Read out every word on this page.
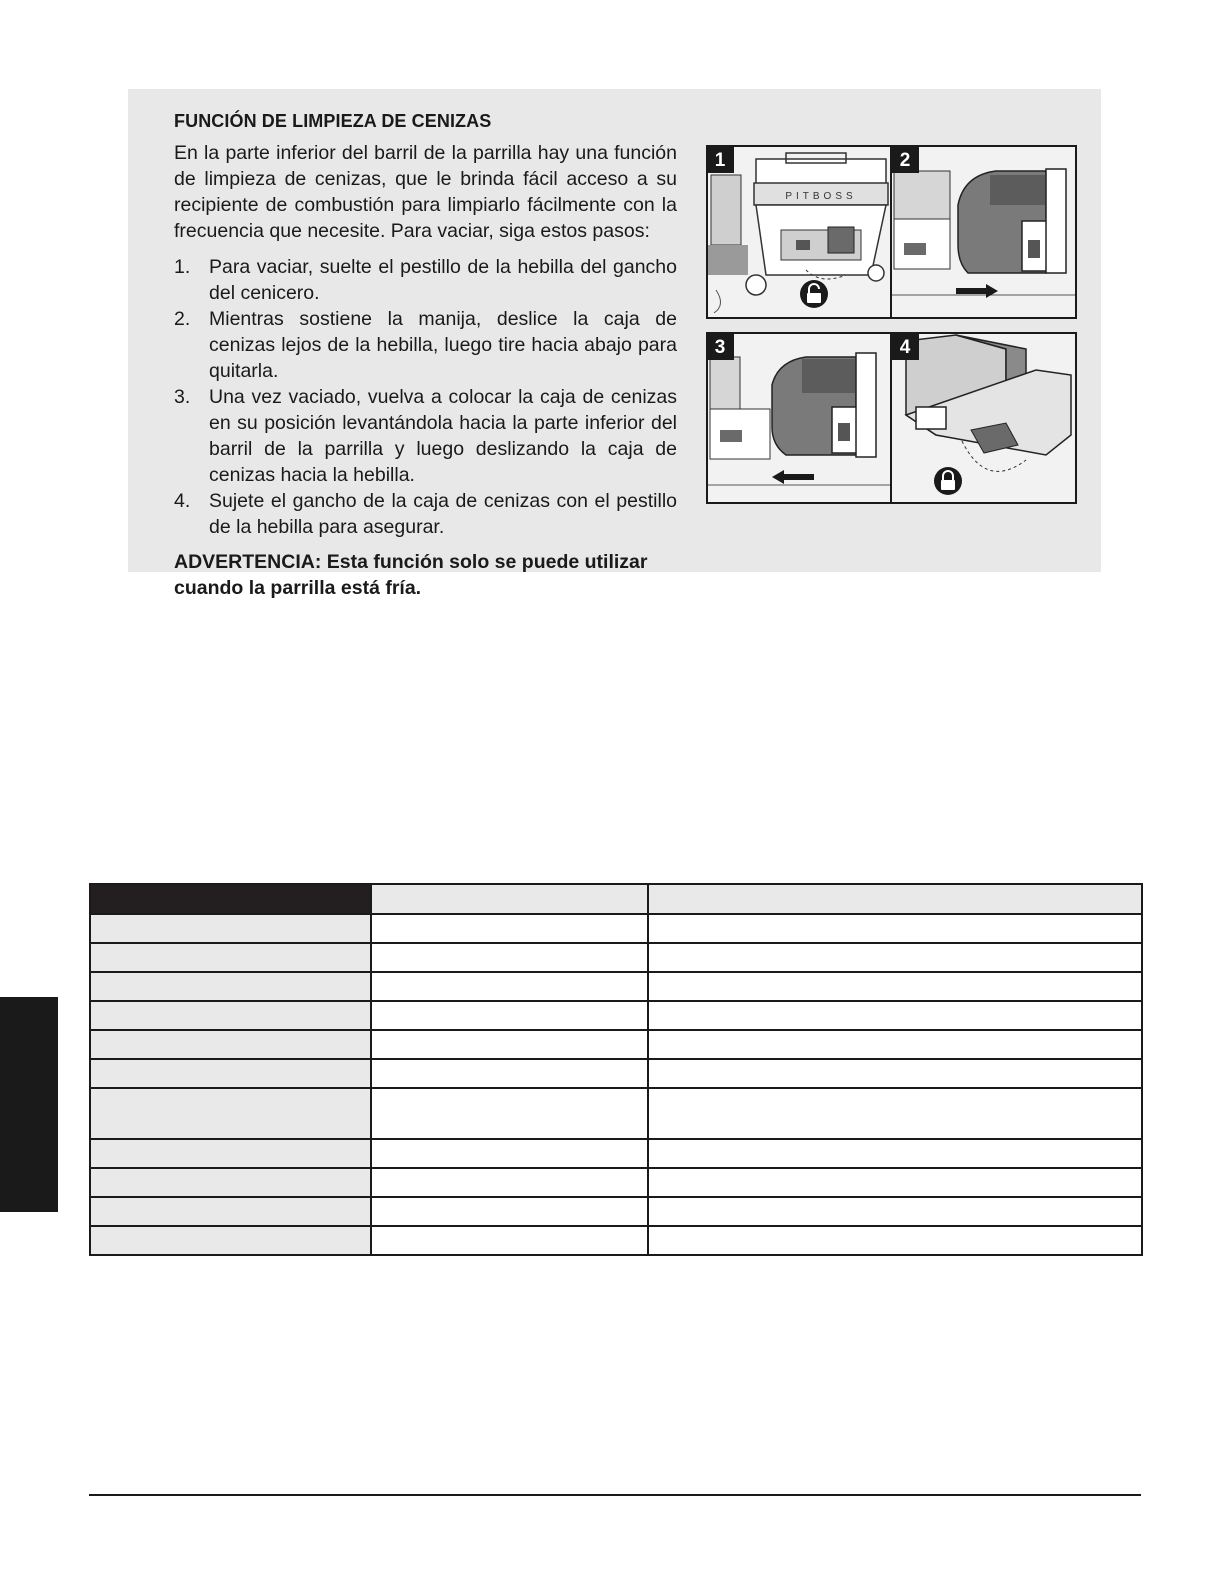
FUNCIÓN DE LIMPIEZA DE CENIZAS

En la parte inferior del barril de la parrilla hay una función de limpieza de cenizas, que le brinda fácil acceso a su recipiente de combustión para limpiarlo fácilmente con la frecuencia que necesite. Para vaciar, siga estos pasos:

1. Para vaciar, suelte el pestillo de la hebilla del gancho del cenicero.
2. Mientras sostiene la manija, deslice la caja de cenizas lejos de la hebilla, luego tire hacia abajo para quitarla.
3. Una vez vaciado, vuelva a colocar la caja de cenizas en su posición levantándola hacia la parte inferior del barril de la parrilla y luego deslizando la caja de cenizas hacia la hebilla.
4. Sujete el gancho de la caja de cenizas con el pestillo de la hebilla para asegurar.
ADVERTENCIA: Esta función solo se puede utilizar cuando la parrilla está fría.
PITBOSS
1	2
3	4
